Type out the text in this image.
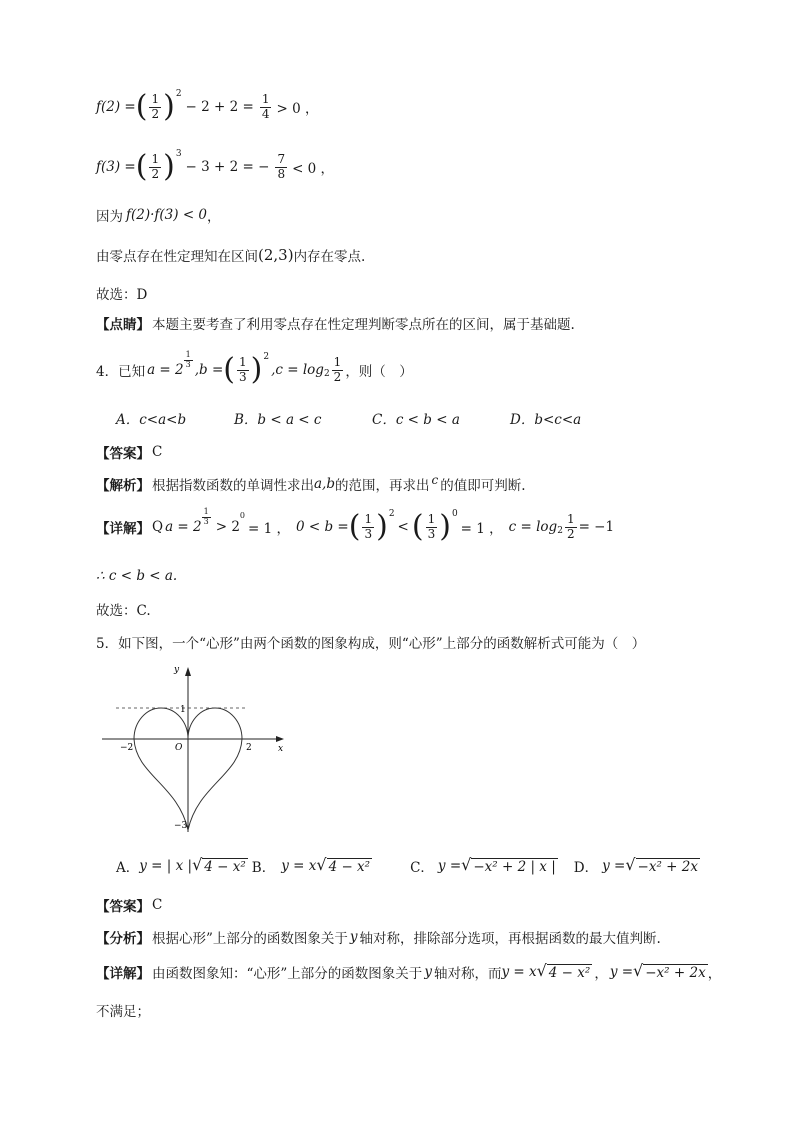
f(2) = ( $\frac{1}{2}$ ) 2
− $2 + 2 = \frac{1}{4} > 0$ ，
f(3) = ( $\frac{1}{2}$ ) 3
− 3 + 2 = − $\frac{7}{8} < 0$ ，
因为 f(2)·f(3) < 0 ，
由零点存在性定理知在区间 (2,3) 内存在零点.
故选：D
【点睛】 本题主要考查了利用零点存在性定理判断零点所在的区间，属于基础题.
4．已知 a = 2
$\frac{1}{3}$
,b = ( $\frac{1}{3}$ ) 2
$,c = \log 2 \frac{1}{2}$ ，则（　）
A．c<a<b	B．b < a < c	C．c < b < a	D．b<c<a
【答案】 C
【解析】 根据指数函数的单调性求出 a,b 的范围，再求出 c 的值即可判断.
【详解】 Q a = 2
$\frac{1}{3}$
> 2
0
= 1 ， 0 < b = ( $\frac{1}{3}$ ) 2
< ( $\frac{1}{3}$ ) 0
= 1 ， $c = \log 2 \frac{1}{2} = -1$
∴ c < b < a.
故选：C.
5．如下图，一个“心形”由两个函数的图象构成，则“心形”上部分的函数解析式可能为（　）
y
x
O
1
−2	2
−3
A． y = | x | √ 4 − x² B． y = x √ 4 − x²	C． y = √ −x² + 2 | x | D． y = √ −x² + 2x
【答案】 C
【分析】 根据心形”上部分的函数图象关于 y 轴对称，排除部分选项，再根据函数的最大值判断.
【详解】 由函数图象知：“心形”上部分的函数图象关于 y 轴对称，而 y = x √ 4 − x² ， y = √ −x² + 2x ，
不满足；
